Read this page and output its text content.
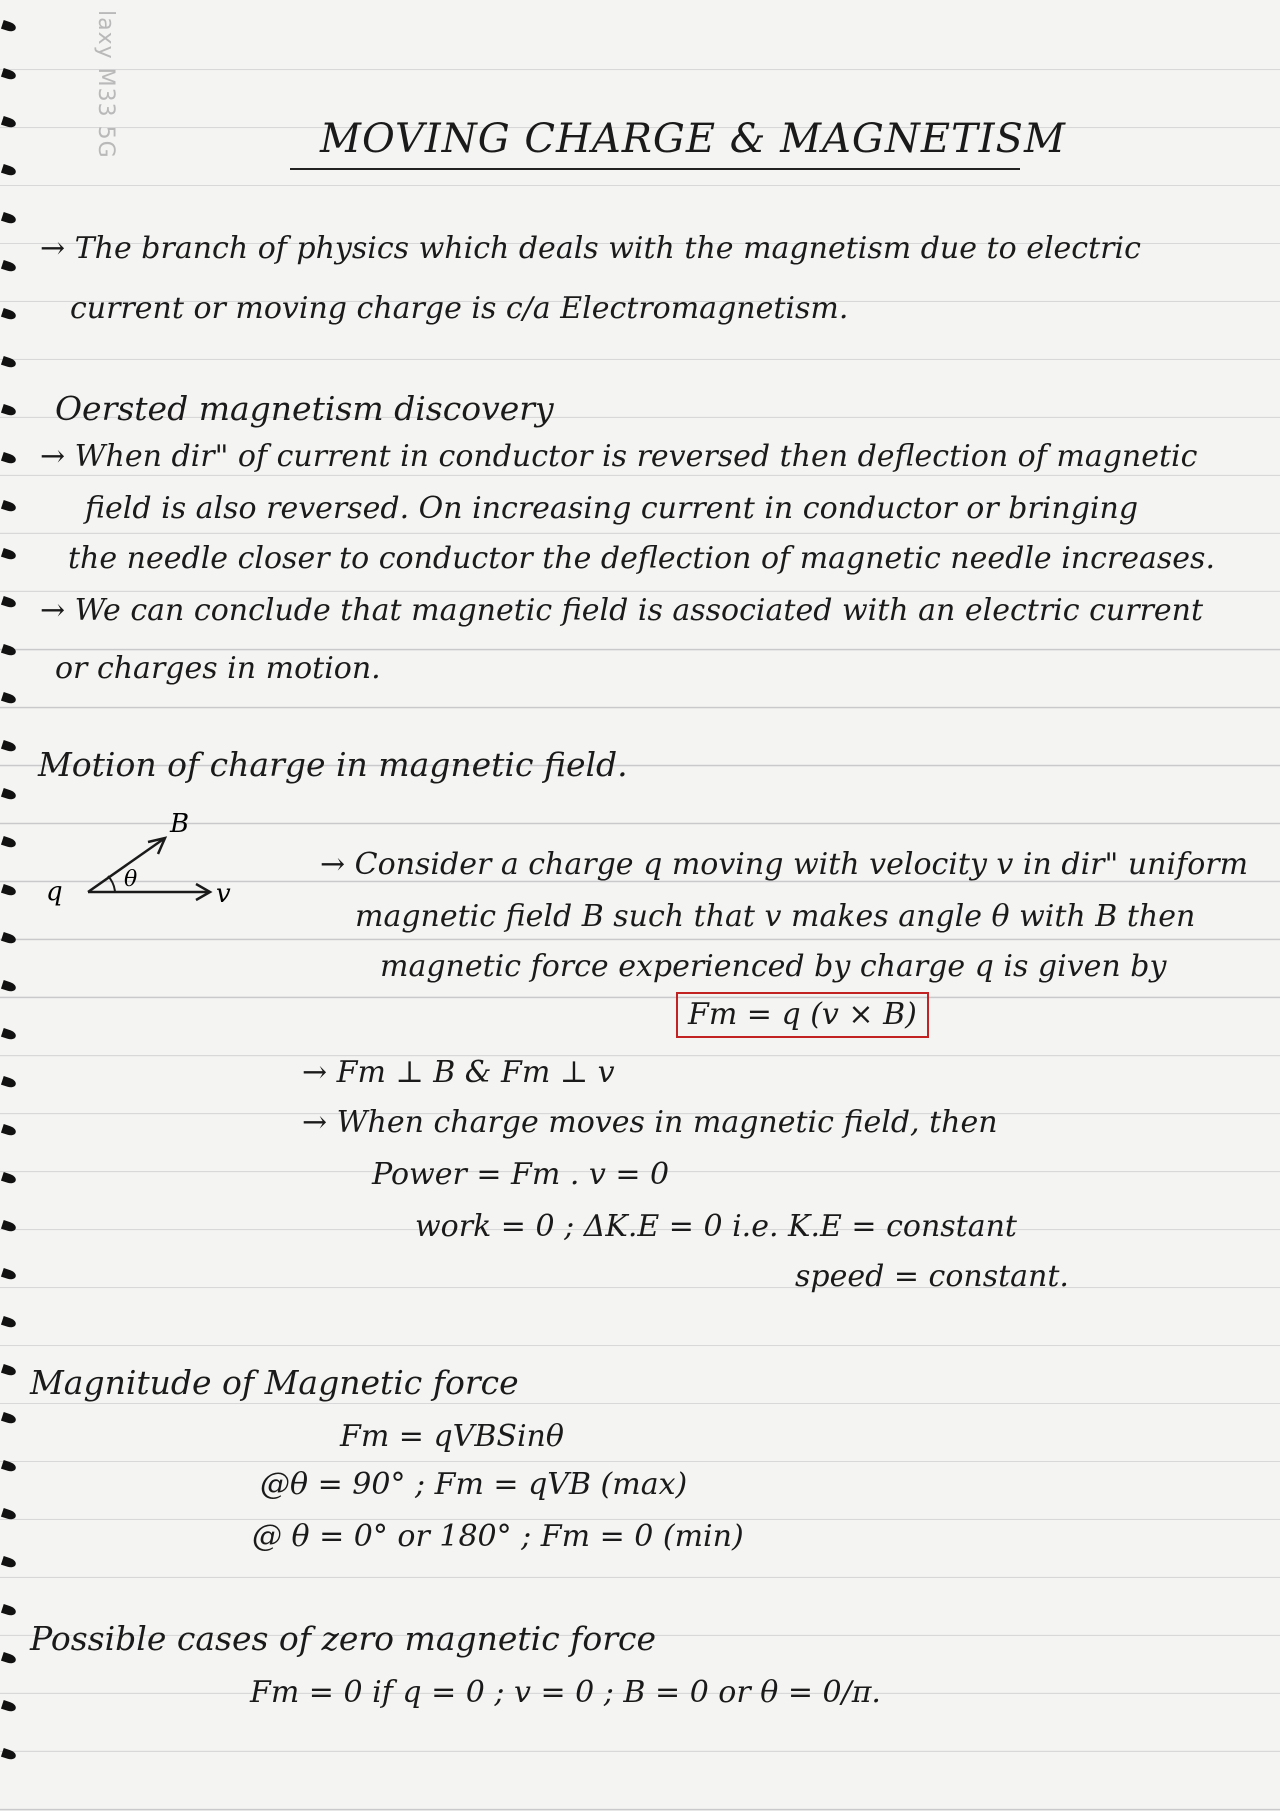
laxy M33 5G	MOVING CHARGE & MAGNETISM
→ The branch of physics which deals with the magnetism due to electric
current or moving charge is c/a Electromagnetism.
Oersted magnetism discovery
→ When dir" of current in conductor is reversed then deflection of magnetic
field is also reversed. On increasing current in conductor or bringing
the needle closer to conductor the deflection of magnetic needle increases.
→ We can conclude that magnetic field is associated with an electric current
or charges in motion.
Motion of charge in magnetic field.
B
v
θ
q
→ Consider a charge q moving with velocity v in dir" uniform
magnetic field B such that v makes angle θ with B then
magnetic force experienced by charge q is given by
Fm = q (v × B)
→ Fm ⊥ B & Fm ⊥ v
→ When charge moves in magnetic field, then
Power = Fm . v = 0
work = 0 ; ΔK.E = 0 i.e. K.E = constant
speed = constant.
Magnitude of Magnetic force
Fm = qVBSinθ
@θ = 90° ; Fm = qVB (max)
@ θ = 0° or 180° ; Fm = 0 (min)
Possible cases of zero magnetic force
Fm = 0 if q = 0 ; v = 0 ; B = 0 or θ = 0/π.
